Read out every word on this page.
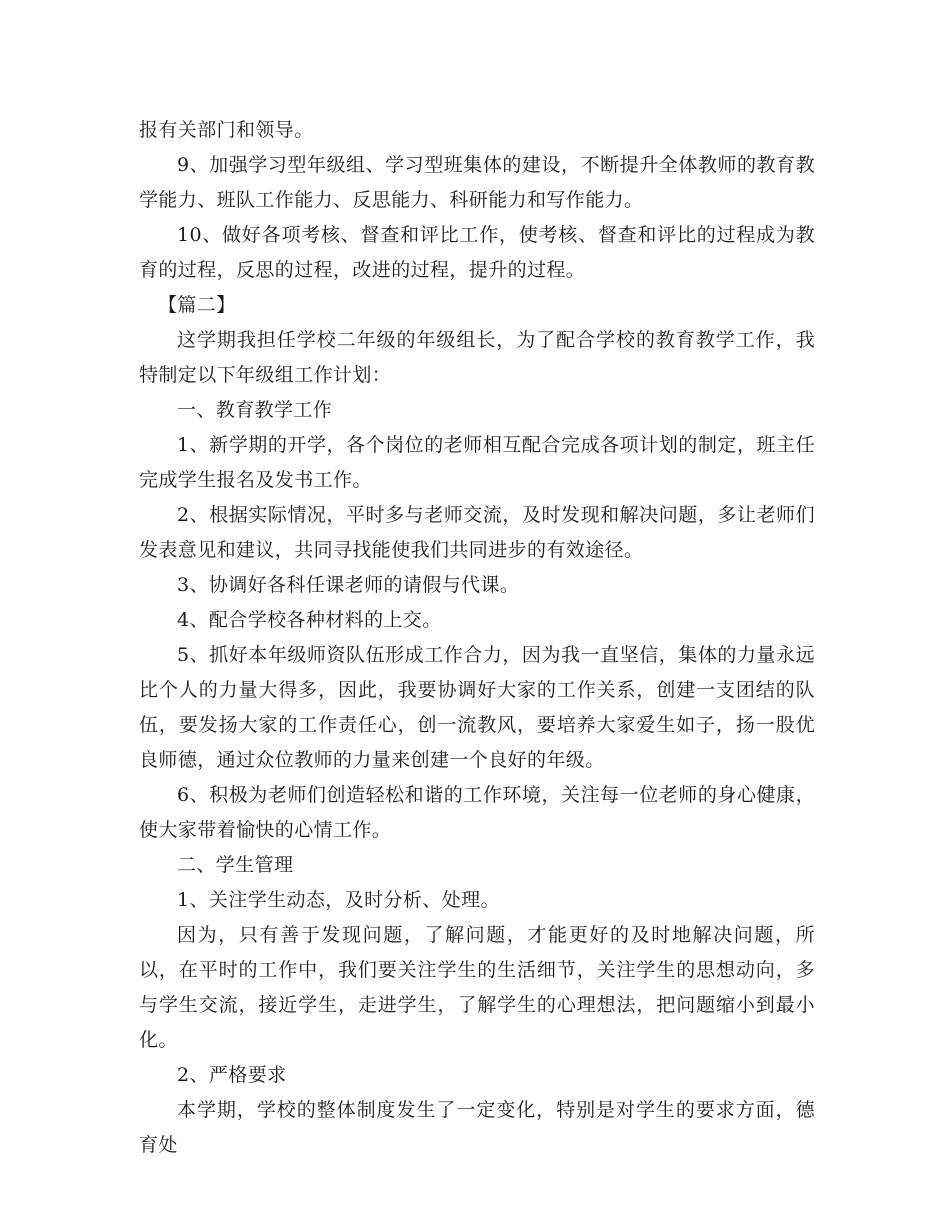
报有关部门和领导。

9、加强学习型年级组、学习型班集体的建设，不断提升全体教师的教育教学能力、班队工作能力、反思能力、科研能力和写作能力。

10、做好各项考核、督查和评比工作，使考核、督查和评比的过程成为教育的过程，反思的过程，改进的过程，提升的过程。

【篇二】

这学期我担任学校二年级的年级组长，为了配合学校的教育教学工作，我特制定以下年级组工作计划：

一、教育教学工作

1、新学期的开学，各个岗位的老师相互配合完成各项计划的制定，班主任完成学生报名及发书工作。

2、根据实际情况，平时多与老师交流，及时发现和解决问题，多让老师们发表意见和建议，共同寻找能使我们共同进步的有效途径。

3、协调好各科任课老师的请假与代课。

4、配合学校各种材料的上交。

5、抓好本年级师资队伍形成工作合力，因为我一直坚信，集体的力量永远比个人的力量大得多，因此，我要协调好大家的工作关系，创建一支团结的队伍，要发扬大家的工作责任心，创一流教风，要培养大家爱生如子，扬一股优良师德，通过众位教师的力量来创建一个良好的年级。

6、积极为老师们创造轻松和谐的工作环境，关注每一位老师的身心健康，使大家带着愉快的心情工作。

二、学生管理

1、关注学生动态，及时分析、处理。

因为，只有善于发现问题，了解问题，才能更好的及时地解决问题，所以，在平时的工作中，我们要关注学生的生活细节，关注学生的思想动向，多与学生交流，接近学生，走进学生，了解学生的心理想法，把问题缩小到最小化。

2、严格要求

本学期，学校的整体制度发生了一定变化，特别是对学生的要求方面，德育处
